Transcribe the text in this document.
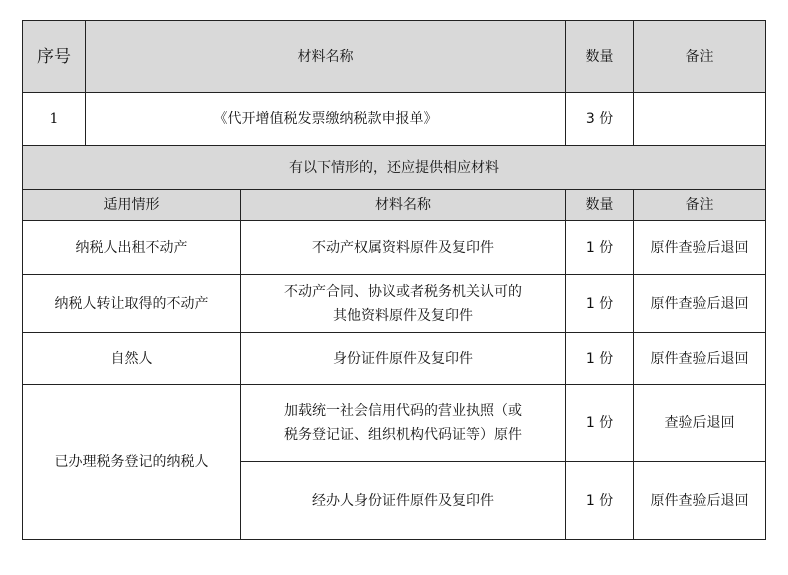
序号	材料名称		数量	备注
1	《代开增值税发票缴纳税款申报单》		3 份	
有以下情形的，还应提供相应材料				
适用情形		材料名称	数量	备注
纳税人出租不动产		不动产权属资料原件及复印件	1 份	原件查验后退回
纳税人转让取得的不动产		不动产合同、协议或者税务机关认可的
其他资料原件及复印件	1 份	原件查验后退回
自然人		身份证件原件及复印件	1 份	原件查验后退回
已办理税务登记的纳税人		加载统一社会信用代码的营业执照（或
税务登记证、组织机构代码证等）原件	1 份	查验后退回
		经办人身份证件原件及复印件	1 份	原件查验后退回
